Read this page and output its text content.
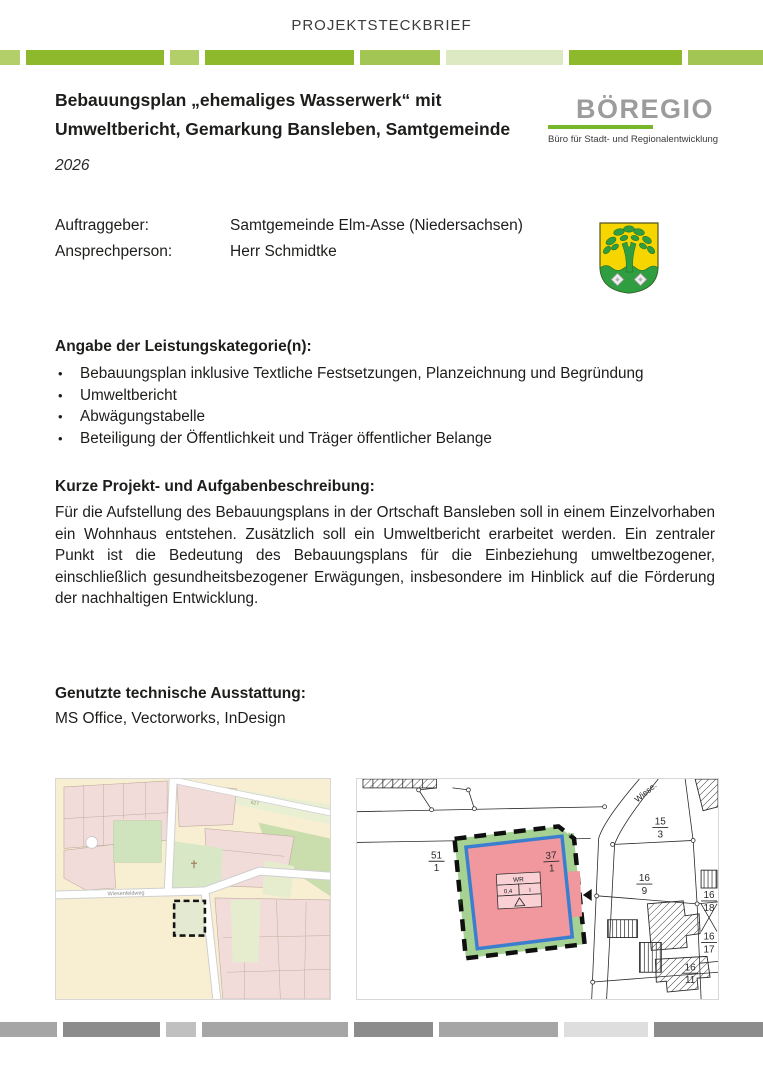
PROJEKTSTECKBRIEF
Bebauungsplan „ehemaliges Wasserwerk“ mit Umweltbericht, Gemarkung Bansleben, Samtgemeinde
BÖREGIO
Büro für Stadt- und Regionalentwicklung
2026
Auftraggeber:	Samtgemeinde Elm-Asse (Niedersachsen)
Ansprechperson:	Herr Schmidtke
Angabe der Leistungskategorie(n):
•	Bebauungsplan inklusive Textliche Festsetzungen, Planzeichnung und Begründung
•	Umweltbericht
•	Abwägungstabelle
•	Beteiligung der Öffentlichkeit und Träger öffentlicher Belange
Kurze Projekt- und Aufgabenbeschreibung:

Für die Aufstellung des Bebauungsplans in der Ortschaft Bansleben soll in einem Einzelvorhaben ein Wohnhaus entstehen. Zusätzlich soll ein Umweltbericht erarbeitet werden. Ein zentraler Punkt ist die Bedeutung des Bebauungsplans für die Einbeziehung umweltbezogener, einschließlich gesundheitsbezogener Erwägungen, insbesondere im Hinblick auf die Förderung der nachhaltigen Entwicklung.

Genutzte technische Ausstattung:

MS Office, Vectorworks, InDesign

627
Wiesenfeldweg
37
1
WR
0,4	I
3m
3m
Wiese.
51
1
15
3
16
9	16
18
16
17
16
11
